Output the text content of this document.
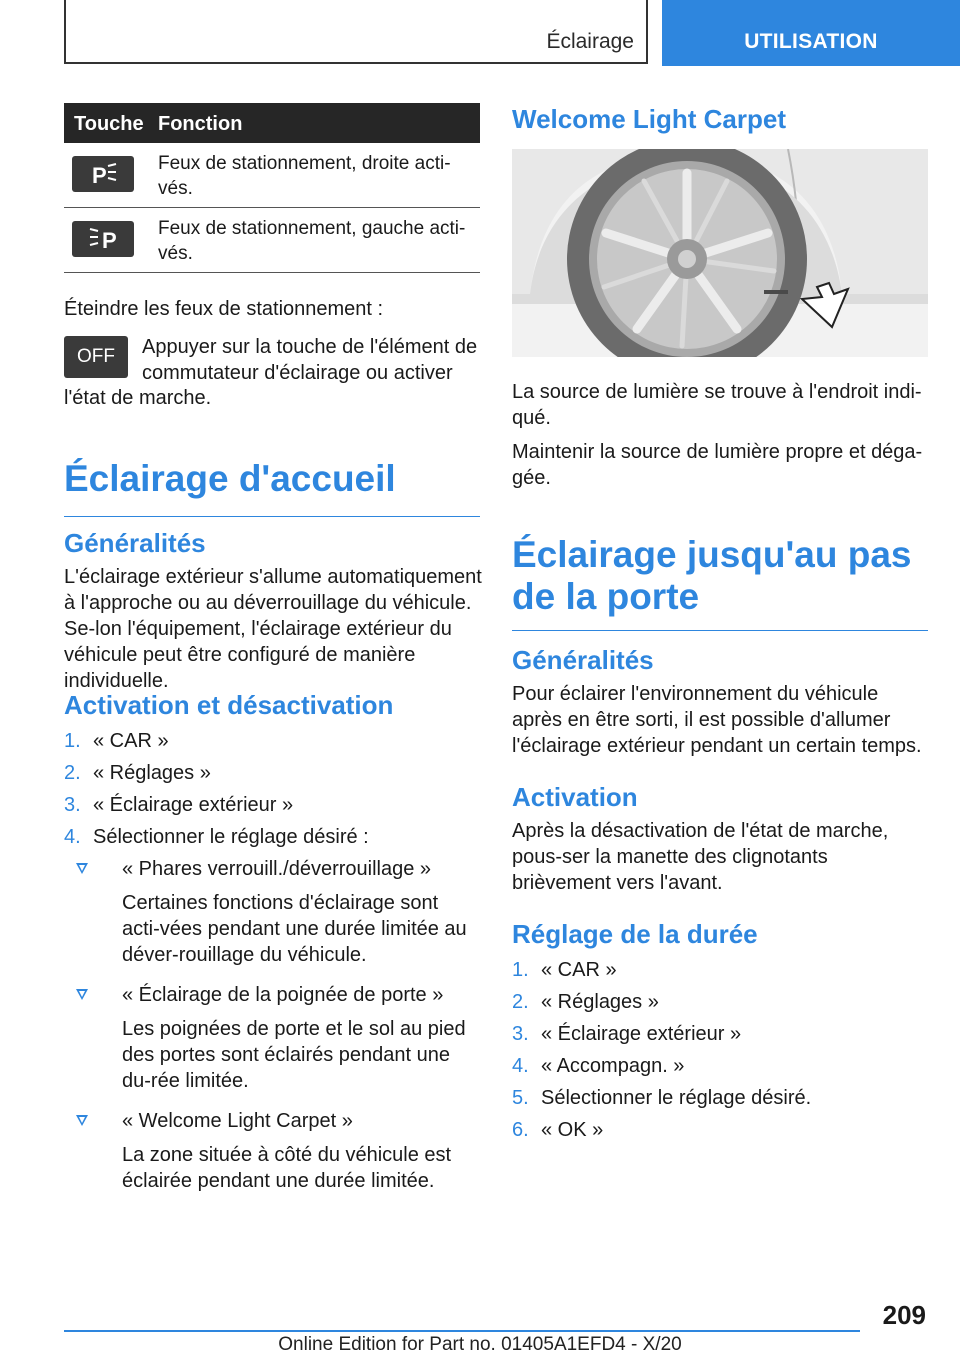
Éclairage	UTILISATION
Touche Fonction
P	Feux de stationnement, droite acti-
vés.
P Feux de stationnement, gauche acti-
vés.
Éteindre les feux de stationnement :
OFF	Appuyer sur la touche de l'élément de
commutateur d'éclairage ou activer
l'état de marche.
Éclairage d'accueil
Généralités
L'éclairage extérieur s'allume automatiquement à l'approche ou au déverrouillage du véhicule. Se-lon l'équipement, l'éclairage extérieur du véhicule peut être configuré de manière individuelle.
Activation et désactivation
1. « CAR »
2. « Réglages »
3. « Éclairage extérieur »
4. Sélectionner le réglage désiré :
« Phares verrouill./déverrouillage »
Certaines fonctions d'éclairage sont acti-vées pendant une durée limitée au déver-rouillage du véhicule.
« Éclairage de la poignée de porte »
Les poignées de porte et le sol au pied des portes sont éclairés pendant une du-rée limitée.
« Welcome Light Carpet »
La zone située à côté du véhicule est éclairée pendant une durée limitée.
Welcome Light Carpet
La source de lumière se trouve à l'endroit indi-qué.
Maintenir la source de lumière propre et déga-gée.
Éclairage jusqu'au pas de la porte
Généralités
Pour éclairer l'environnement du véhicule après en être sorti, il est possible d'allumer l'éclairage extérieur pendant un certain temps.
Activation
Après la désactivation de l'état de marche, pous-ser la manette des clignotants brièvement vers l'avant.
Réglage de la durée
1. « CAR »
2. « Réglages »
3. « Éclairage extérieur »
4. « Accompagn. »
5. Sélectionner le réglage désiré.
6. « OK »
209
Online Edition for Part no. 01405A1EFD4 - X/20
